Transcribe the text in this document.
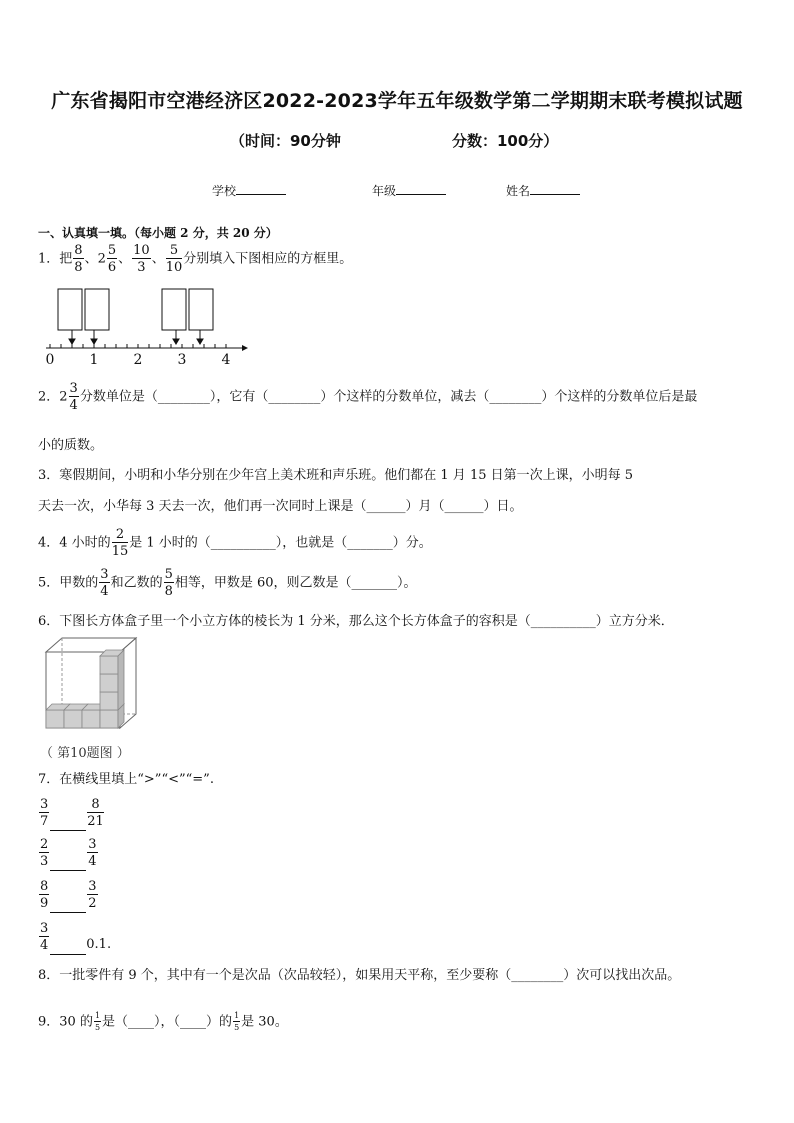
广东省揭阳市空港经济区2022-2023学年五年级数学第二学期期末联考模拟试题
（时间：90分钟	分数：100分）
学校	年级	姓名
一、认真填一填。（每小题 2 分，共 20 分）
1．把 $\frac{8}{8}$ 、$2 \frac{5}{6}$ 、 $\frac{10}{3}$ 、 $\frac{5}{10}$ 分别填入下图相应的方框里。
0	1	2	3	4
2．$2 \frac{3}{4}$ 分数单位是（________），它有（________）个这样的分数单位，减去（________）个这样的分数单位后是最
小的质数。
3．寒假期间，小明和小华分别在少年宫上美术班和声乐班。他们都在 1 月 15 日第一次上课，小明每 5
天去一次，小华每 3 天去一次，他们再一次同时上课是（______）月（______）日。
4．4 小时的 $\frac{2}{15}$ 是 1 小时的（__________），也就是（_______）分。
5．甲数的 $\frac{3}{4}$ 和乙数的 $\frac{5}{8}$ 相等，甲数是 60，则乙数是（_______）。
6．下图长方体盒子里一个小立方体的棱长为 1 分米，那么这个长方体盒子的容积是（__________）立方分米．
（ 第10题图 ）
7．在横线里填上“>”“<”“=”.
$\frac{3}{7}$	$\frac{8}{21}$
$\frac{2}{3}$	$\frac{3}{4}$
$\frac{8}{9}$	$\frac{3}{2}$
$\frac{3}{4}$	0.1.
8．一批零件有 9 个，其中有一个是次品（次品较轻），如果用天平称，至少要称（________）次可以找出次品。
9．30 的 $\frac{1}{5}$ 是（____），（____）的 $\frac{1}{5}$ 是 30。
